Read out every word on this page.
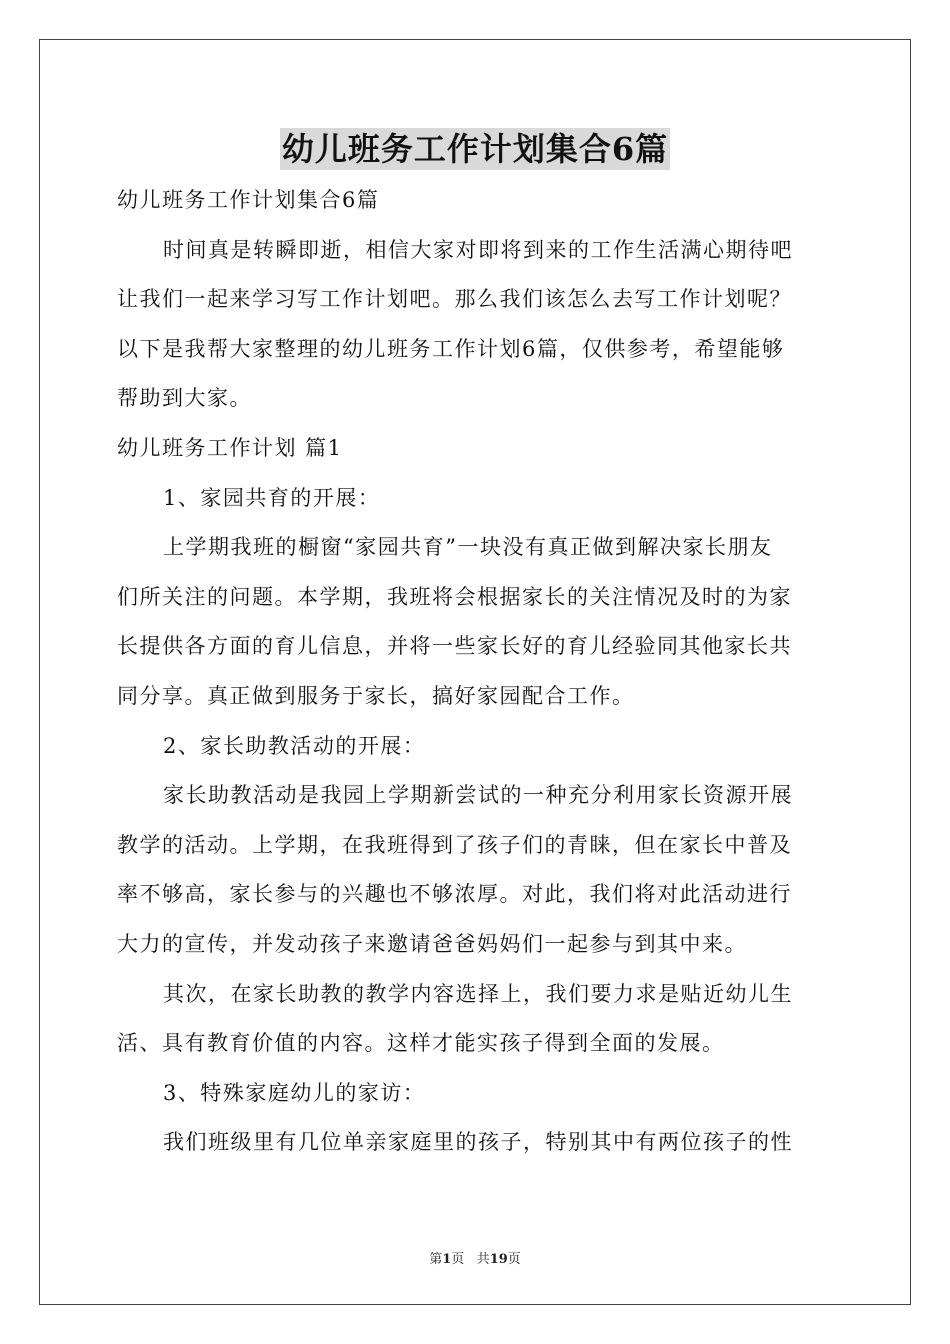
幼儿班务工作计划集合6篇
幼儿班务工作计划集合6篇
时间真是转瞬即逝，相信大家对即将到来的工作生活满心期待吧
让我们一起来学习写工作计划吧。那么我们该怎么去写工作计划呢？
以下是我帮大家整理的幼儿班务工作计划6篇，仅供参考，希望能够
帮助到大家。
幼儿班务工作计划 篇1
1、家园共育的开展：
上学期我班的橱窗“家园共育”一块没有真正做到解决家长朋友
们所关注的问题。本学期，我班将会根据家长的关注情况及时的为家
长提供各方面的育儿信息，并将一些家长好的育儿经验同其他家长共
同分享。真正做到服务于家长，搞好家园配合工作。
2、家长助教活动的开展：
家长助教活动是我园上学期新尝试的一种充分利用家长资源开展
教学的活动。上学期，在我班得到了孩子们的青睐，但在家长中普及
率不够高，家长参与的兴趣也不够浓厚。对此，我们将对此活动进行
大力的宣传，并发动孩子来邀请爸爸妈妈们一起参与到其中来。
其次，在家长助教的教学内容选择上，我们要力求是贴近幼儿生
活、具有教育价值的内容。这样才能实孩子得到全面的发展。
3、特殊家庭幼儿的家访：
我们班级里有几位单亲家庭里的孩子，特别其中有两位孩子的性
第1页 共19页
